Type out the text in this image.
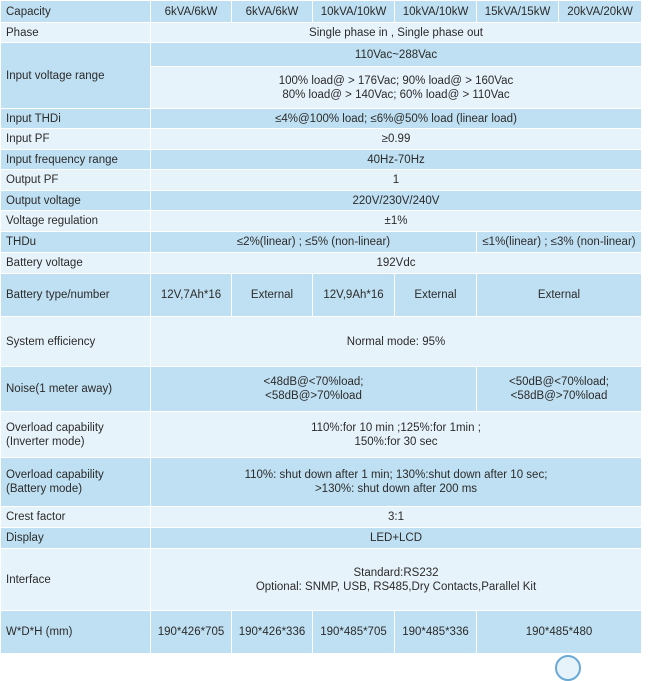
Capacity	6kVA/6kW	6kVA/6kW	10kVA/10kW	10kVA/10kW	15kVA/15kW	20kVA/20kW
Phase	Single phase in , Single phase out					
Input voltage range	110Vac~288Vac					

	100% load@ > 176Vac; 90% load@ > 160Vac
80% load@ > 140Vac; 60% load@ > 110Vac					

Input THDi	≤4%@100% load; ≤6%@50% load (linear load)					
Input PF	≥0.99					
Input frequency range	40Hz-70Hz					
Output PF	1					
Output voltage	220V/230V/240V					
Voltage regulation	±1%					
THDu	≤2%(linear) ; ≤5% (non-linear)				≤1%(linear) ; ≤3% (non-linear)	
Battery voltage	192Vdc					
Battery type/number	12V,7Ah*16	External	12V,9Ah*16	External	External	
System efficiency	Normal mode: 95%					
Noise(1 meter away)	<48dB@<70%load;
<58dB@>70%load				<50dB@<70%load;
<58dB@>70%load	

Overload capability
(Inverter mode)	110%:for 10 min ;125%:for 1min ;
150%:for 30 sec					

Overload capability
(Battery mode)	110%: shut down after 1 min; 130%:shut down after 10 sec;
>130%: shut down after 200 ms					

Crest factor	3:1					
Display	LED+LCD					
Interface	Standard:RS232
Optional: SNMP, USB, RS485,Dry Contacts,Parallel Kit					

W*D*H (mm)	190*426*705	190*426*336	190*485*705	190*485*336	190*485*480	
